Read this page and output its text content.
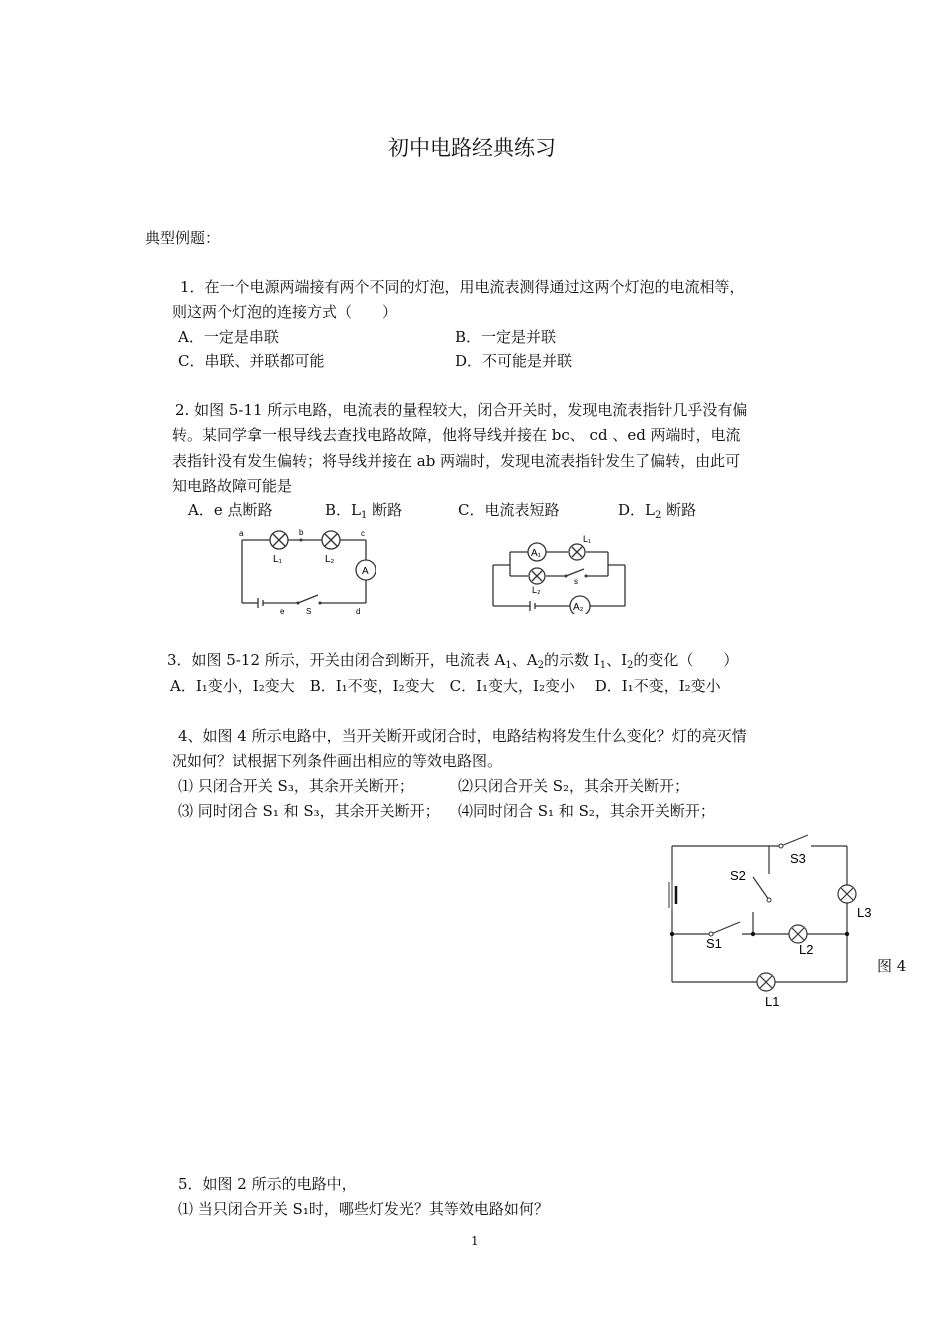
初中电路经典练习
典型例题：
1．在一个电源两端接有两个不同的灯泡，用电流表测得通过这两个灯泡的电流相等，
则这两个灯泡的连接方式（　　）
A．一定是串联	B．一定是并联
C．串联、并联都可能	D．不可能是并联
2. 如图 5-11 所示电路，电流表的量程较大，闭合开关时，发现电流表指针几乎没有偏
转。某同学拿一根导线去查找电路故障，他将导线并接在 bc、 cd 、ed 两端时，电流
表指针没有发生偏转；将导线并接在 ab 两端时，发现电流表指针发生了偏转，由此可
知电路故障可能是
A．e 点断路	B．$L_1$ 断路	C．电流表短路	D．$L_2$ 断路
a	b	c
L₁	L₂
A
e	S	d
A₁
L₁
L₂
s
A₂
3．如图 5-12 所示，开关由闭合到断开，电流表 $A_1$、$A_2$的示数 $I_1$、$I_2$的变化（　　）
A．I₁变小，I₂变大　B．I₁不变，I₂变大　C．I₁变大，I₂变小　 D．I₁不变，I₂变小
4、如图 4 所示电路中，当开关断开或闭合时，电路结构将发生什么变化？灯的亮灭情
况如何？试根据下列条件画出相应的等效电路图。
⑴ 只闭合开关 S₃，其余开关断开；	⑵只闭合开关 S₂，其余开关断开；
⑶ 同时闭合 S₁ 和 S₃，其余开关断开； ⑷同时闭合 S₁ 和 S₂，其余开关断开；
S3
S2
L3
S1	L2
L1
图 4
5．如图 2 所示的电路中，
⑴ 当只闭合开关 S₁时，哪些灯发光？其等效电路如何？
1
